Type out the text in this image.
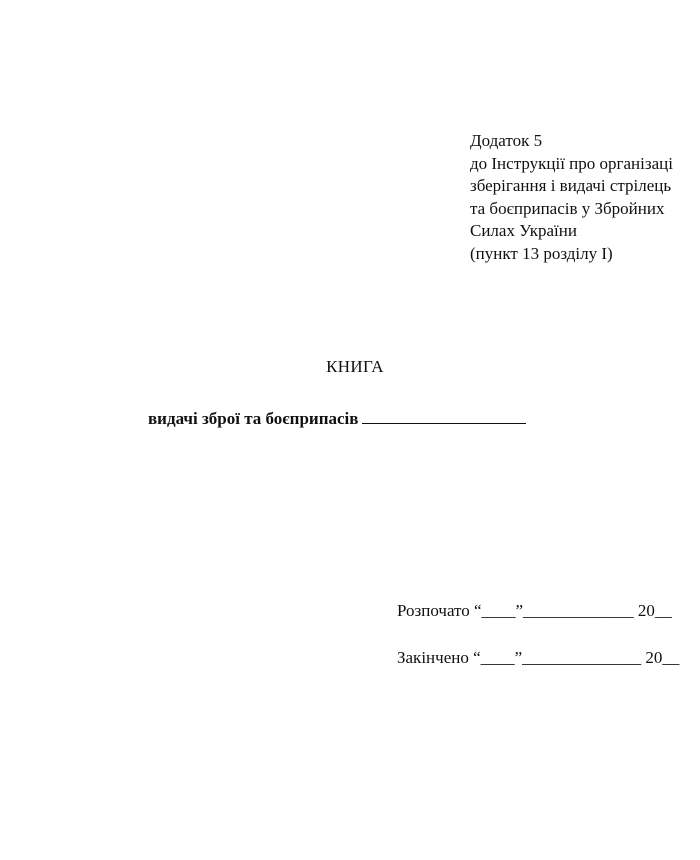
Додаток 5
до Інструкції про організаці
зберігання і видачі стрілець
та боєприпасів у Збройних
Силах України
(пункт 13 розділу І)
КНИГА
видачі зброї та боєприпасів
Розпочато “____”_____________ 20__
Закінчено “____”______________ 20__
